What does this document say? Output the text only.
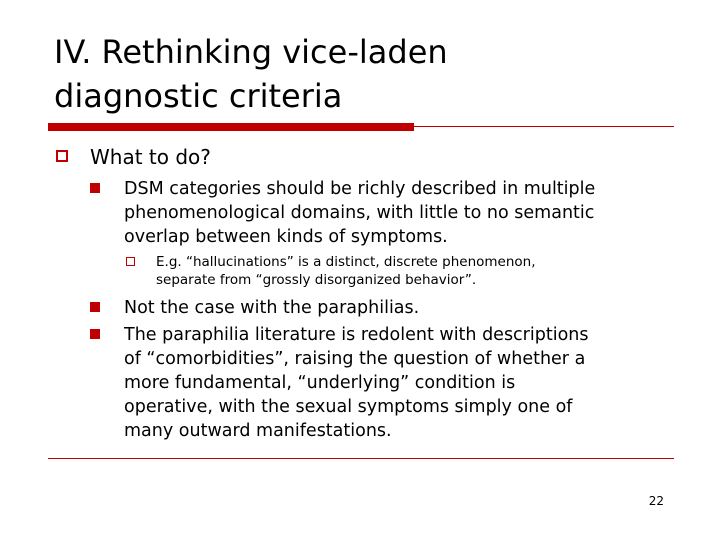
IV. Rethinking vice-laden
diagnostic criteria
What to do?
DSM categories should be richly described in multiple
phenomenological domains, with little to no semantic
overlap between kinds of symptoms.
E.g. “hallucinations” is a distinct, discrete phenomenon,
separate from “grossly disorganized behavior”.
Not the case with the paraphilias.
The paraphilia literature is redolent with descriptions
of “comorbidities”, raising the question of whether a
more fundamental, “underlying” condition is
operative, with the sexual symptoms simply one of
many outward manifestations.
22
